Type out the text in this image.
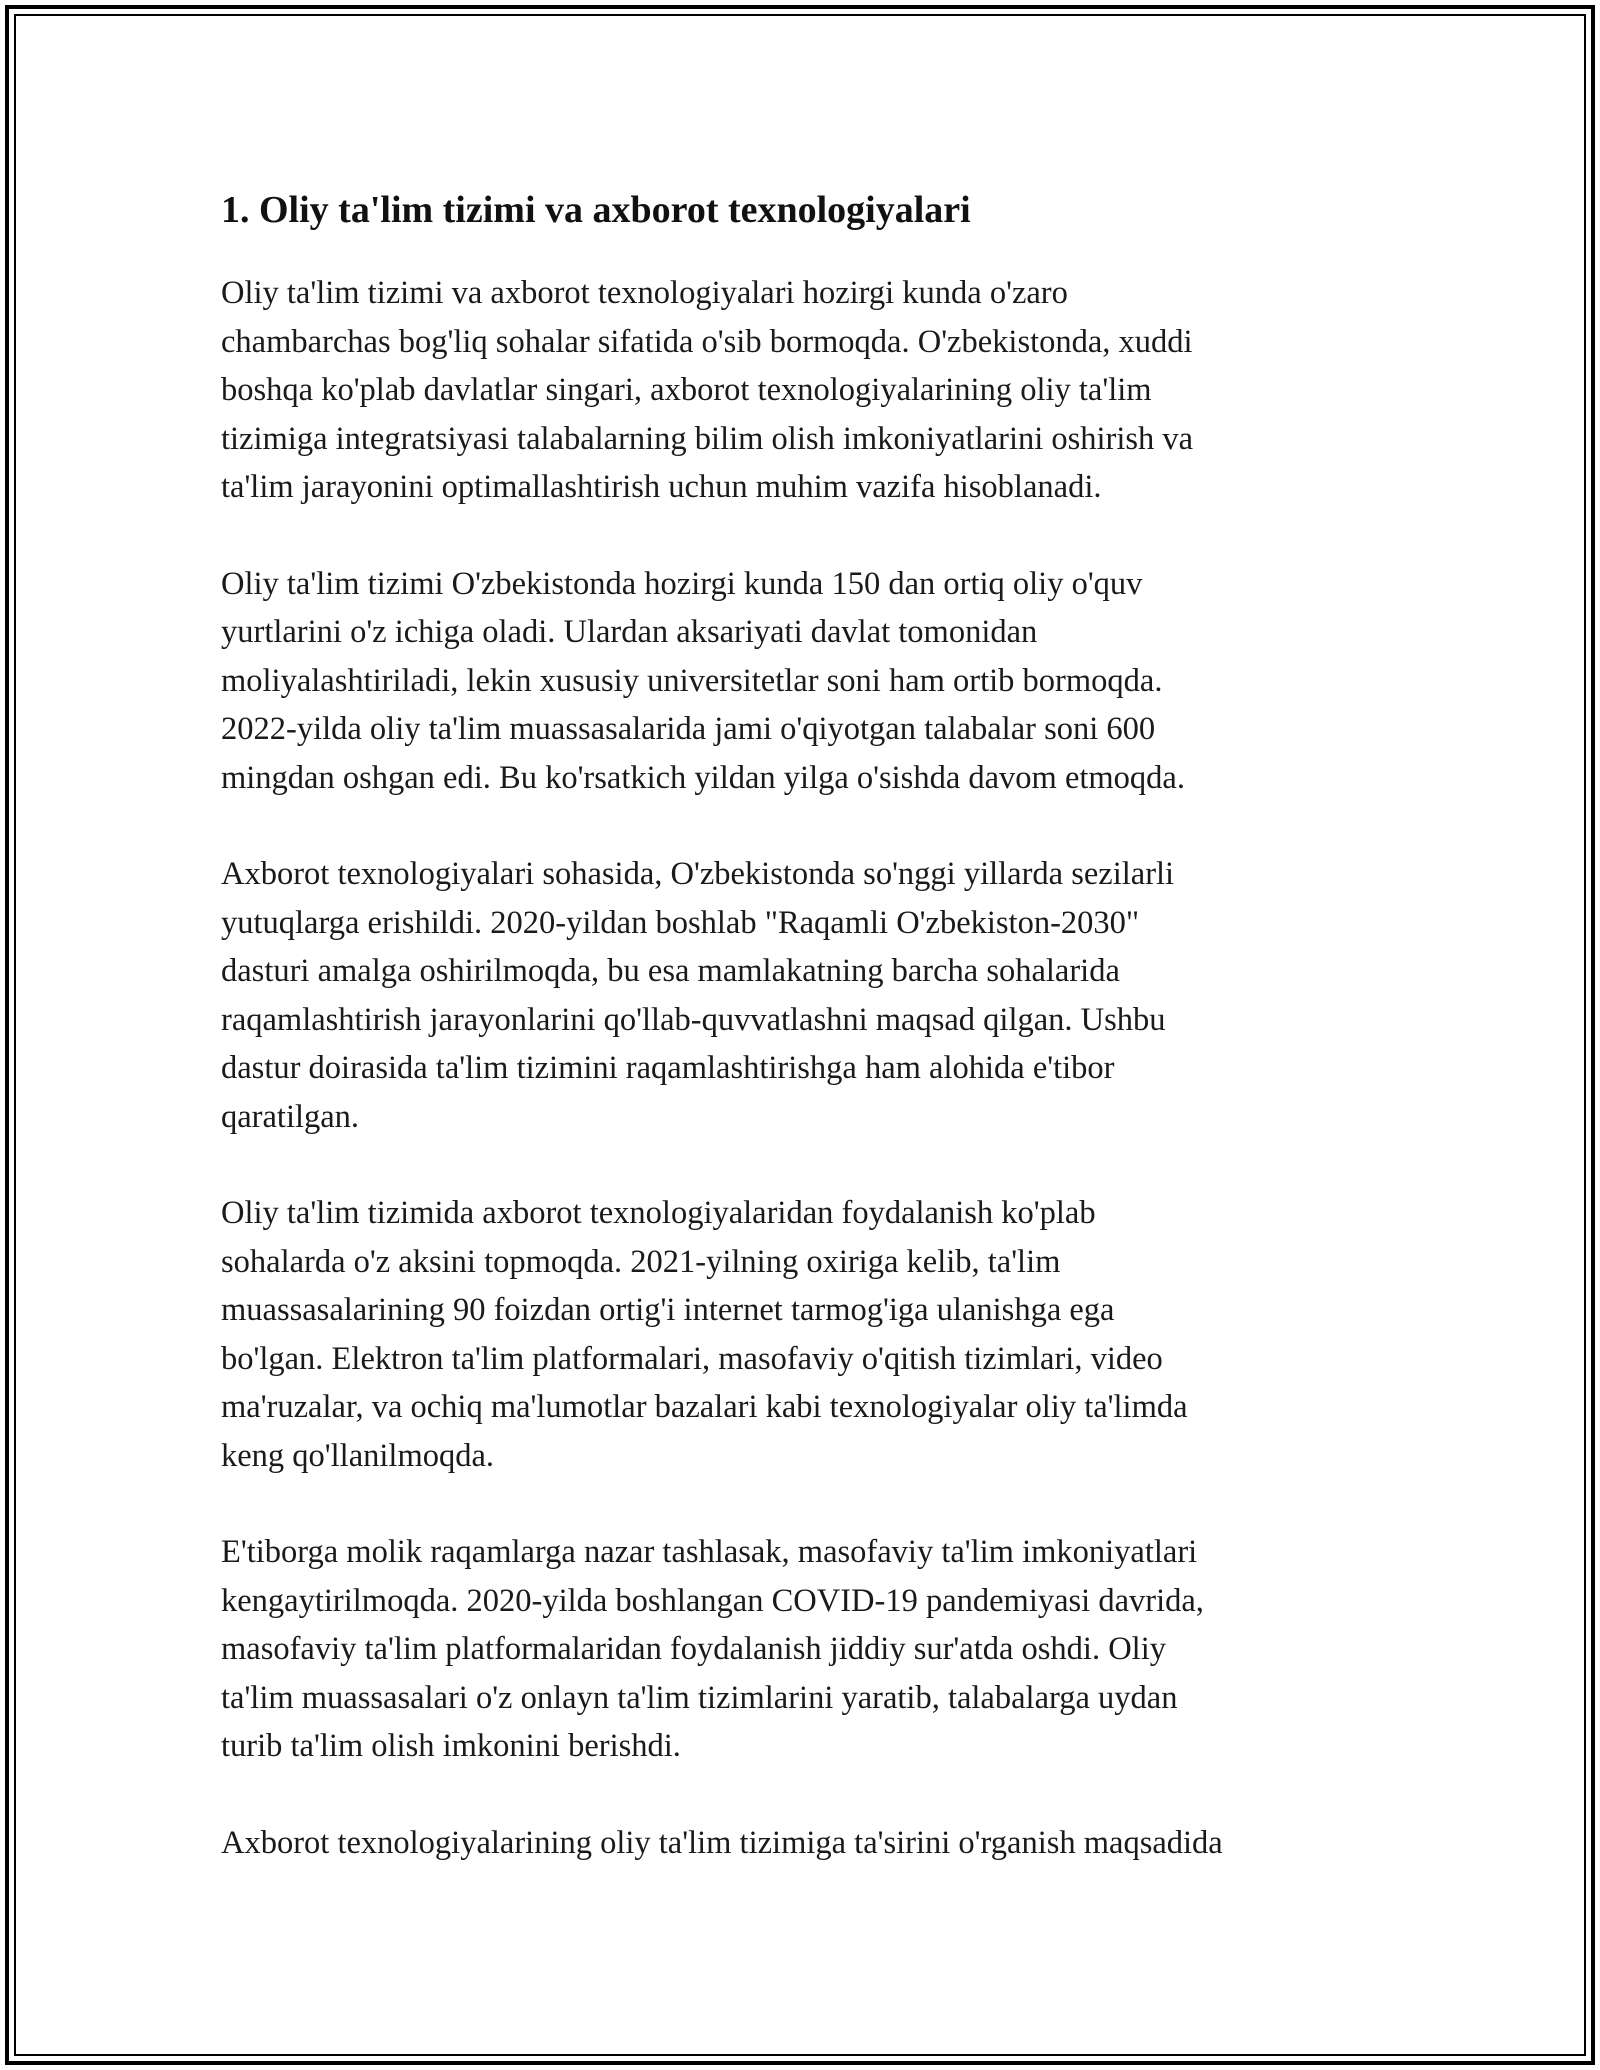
1. Oliy ta'lim tizimi va axborot texnologiyalari

Oliy ta'lim tizimi va axborot texnologiyalari hozirgi kunda o'zaro
chambarchas bog'liq sohalar sifatida o'sib bormoqda. O'zbekistonda, xuddi
boshqa ko'plab davlatlar singari, axborot texnologiyalarining oliy ta'lim
tizimiga integratsiyasi talabalarning bilim olish imkoniyatlarini oshirish va
ta'lim jarayonini optimallashtirish uchun muhim vazifa hisoblanadi.

Oliy ta'lim tizimi O'zbekistonda hozirgi kunda 150 dan ortiq oliy o'quv
yurtlarini o'z ichiga oladi. Ulardan aksariyati davlat tomonidan
moliyalashtiriladi, lekin xususiy universitetlar soni ham ortib bormoqda.
2022-yilda oliy ta'lim muassasalarida jami o'qiyotgan talabalar soni 600
mingdan oshgan edi. Bu ko'rsatkich yildan yilga o'sishda davom etmoqda.

Axborot texnologiyalari sohasida, O'zbekistonda so'nggi yillarda sezilarli
yutuqlarga erishildi. 2020-yildan boshlab "Raqamli O'zbekiston-2030"
dasturi amalga oshirilmoqda, bu esa mamlakatning barcha sohalarida
raqamlashtirish jarayonlarini qo'llab-quvvatlashni maqsad qilgan. Ushbu
dastur doirasida ta'lim tizimini raqamlashtirishga ham alohida e'tibor
qaratilgan.

Oliy ta'lim tizimida axborot texnologiyalaridan foydalanish ko'plab
sohalarda o'z aksini topmoqda. 2021-yilning oxiriga kelib, ta'lim
muassasalarining 90 foizdan ortig'i internet tarmog'iga ulanishga ega
bo'lgan. Elektron ta'lim platformalari, masofaviy o'qitish tizimlari, video
ma'ruzalar, va ochiq ma'lumotlar bazalari kabi texnologiyalar oliy ta'limda
keng qo'llanilmoqda.

E'tiborga molik raqamlarga nazar tashlasak, masofaviy ta'lim imkoniyatlari
kengaytirilmoqda. 2020-yilda boshlangan COVID-19 pandemiyasi davrida,
masofaviy ta'lim platformalaridan foydalanish jiddiy sur'atda oshdi. Oliy
ta'lim muassasalari o'z onlayn ta'lim tizimlarini yaratib, talabalarga uydan
turib ta'lim olish imkonini berishdi.

Axborot texnologiyalarining oliy ta'lim tizimiga ta'sirini o'rganish maqsadida
